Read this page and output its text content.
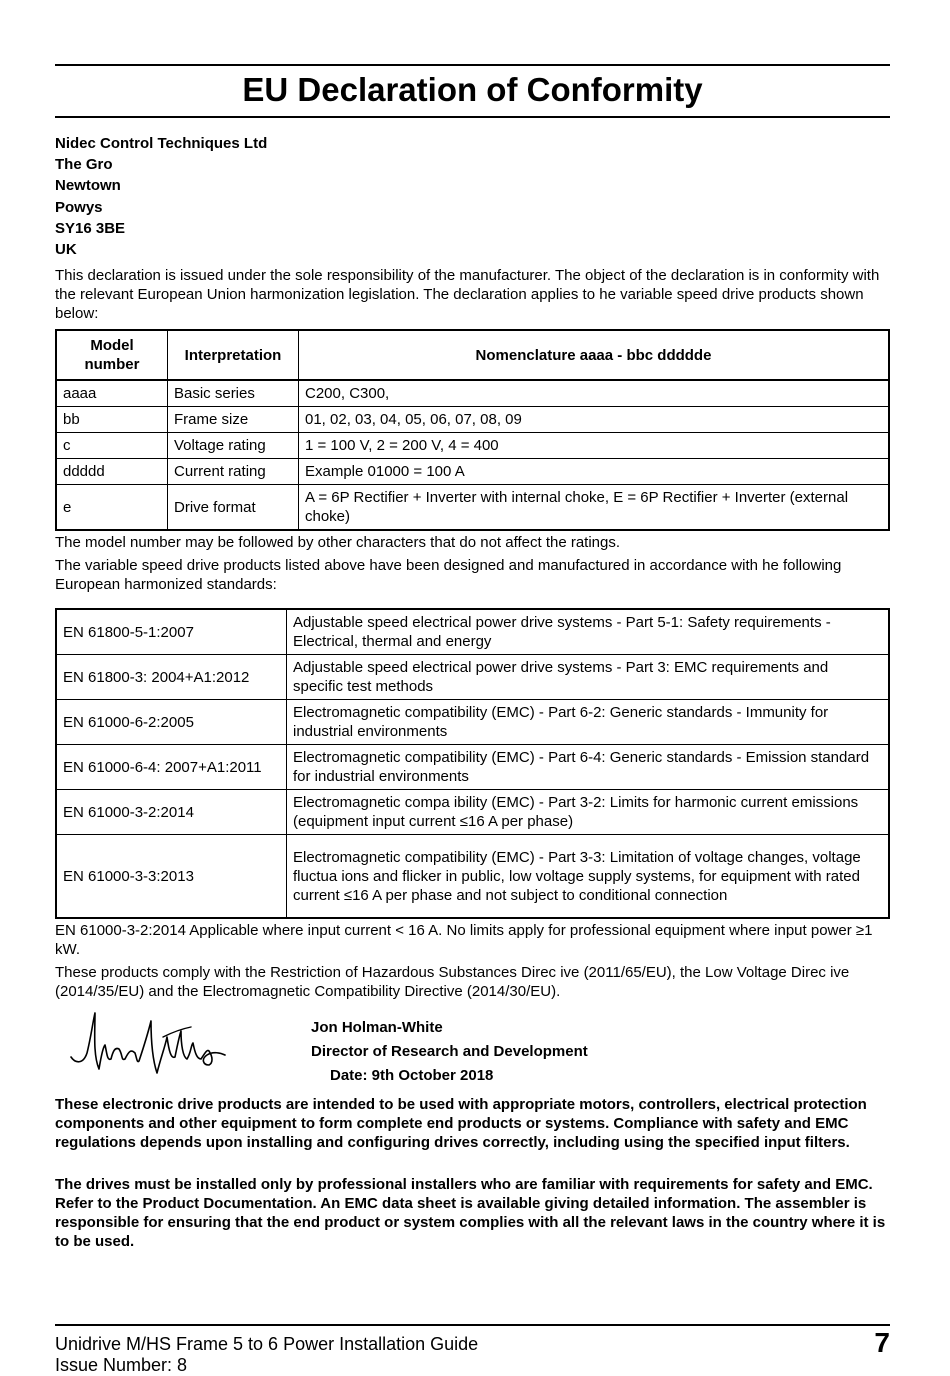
EU Declaration of Conformity
Nidec Control Techniques Ltd
The Gro
Newtown
Powys
SY16 3BE
UK
This declaration is issued under the sole responsibility of the manufacturer. The object of the declaration is in conformity with the relevant European Union harmonization legislation. The declaration applies to he variable speed drive products shown below:
Model number	Interpretation	Nomenclature aaaa - bbc ddddde
aaaa	Basic series	C200, C300,
bb	Frame size	01, 02, 03, 04, 05, 06, 07, 08, 09
c	Voltage rating	1 = 100 V, 2 = 200 V, 4 = 400
ddddd	Current rating	Example 01000 = 100 A
e	Drive format	A = 6P Rectifier + Inverter with internal choke, E = 6P Rectifier + Inverter (external choke)
The model number may be followed by other characters that do not affect the ratings.
The variable speed drive products listed above have been designed and manufactured in accordance with he following European harmonized standards:
EN 61800-5-1:2007	Adjustable speed electrical power drive systems - Part 5-1: Safety requirements - Electrical, thermal and energy
EN 61800-3: 2004+A1:2012	Adjustable speed electrical power drive systems - Part 3: EMC requirements and specific test methods
EN 61000-6-2:2005	Electromagnetic compatibility (EMC) - Part 6-2: Generic standards - Immunity for industrial environments
EN 61000-6-4: 2007+A1:2011	Electromagnetic compatibility (EMC) - Part 6-4: Generic standards - Emission standard for industrial environments
EN 61000-3-2:2014	Electromagnetic compa ibility (EMC) - Part 3-2: Limits for harmonic current emissions (equipment input current ≤16 A per phase)
EN 61000-3-3:2013	Electromagnetic compatibility (EMC) - Part 3-3: Limitation of voltage changes, voltage fluctua ions and flicker in public, low voltage supply systems, for equipment with rated current ≤16 A per phase and not subject to conditional connection
EN 61000-3-2:2014 Applicable where input current < 16 A. No limits apply for professional equipment where input power ≥1 kW.
These products comply with the Restriction of Hazardous Substances Direc ive (2011/65/EU), the Low Voltage Direc ive (2014/35/EU) and the Electromagnetic Compatibility Directive (2014/30/EU).
Jon Holman-White
Director of Research and Development
Date: 9th October 2018
These electronic drive products are intended to be used with appropriate motors, controllers, electrical protection components and other equipment to form complete end products or systems. Compliance with safety and EMC regulations depends upon installing and configuring drives correctly, including using the specified input filters.
The drives must be installed only by professional installers who are familiar with requirements for safety and EMC. Refer to the Product Documentation. An EMC data sheet is available giving detailed information. The assembler is responsible for ensuring that the end product or system complies with all the relevant laws in the country where it is to be used.
Unidrive M/HS Frame 5 to 6 Power Installation Guide
Issue Number: 8
7
